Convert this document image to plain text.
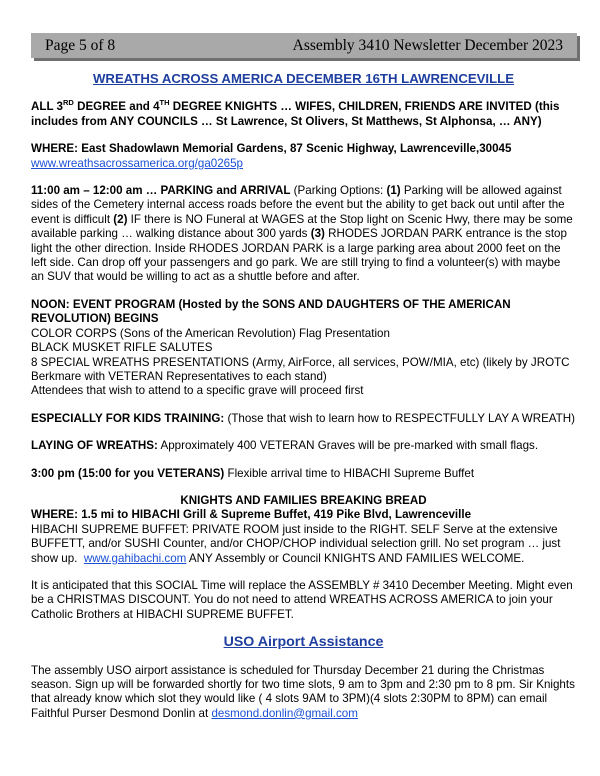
Page 5 of 8	Assembly 3410 Newsletter December 2023
WREATHS ACROSS AMERICA DECEMBER 16TH LAWRENCEVILLE

ALL 3RD DEGREE and 4TH DEGREE KNIGHTS … WIFES, CHILDREN, FRIENDS ARE INVITED (this includes from ANY COUNCILS … St Lawrence, St Olivers, St Matthews, St Alphonsa, … ANY)

WHERE: East Shadowlawn Memorial Gardens, 87 Scenic Highway, Lawrenceville,30045
www.wreathsacrossamerica.org/ga0265p

11:00 am – 12:00 am … PARKING and ARRIVAL (Parking Options: (1) Parking will be allowed against sides of the Cemetery internal access roads before the event but the ability to get back out until after the event is difficult (2) IF there is NO Funeral at WAGES at the Stop light on Scenic Hwy, there may be some available parking … walking distance about 300 yards (3) RHODES JORDAN PARK entrance is the stop light the other direction. Inside RHODES JORDAN PARK is a large parking area about 2000 feet on the left side. Can drop off your passengers and go park. We are still trying to find a volunteer(s) with maybe an SUV that would be willing to act as a shuttle before and after.

NOON: EVENT PROGRAM (Hosted by the SONS AND DAUGHTERS OF THE AMERICAN REVOLUTION) BEGINS
COLOR CORPS (Sons of the American Revolution) Flag Presentation
BLACK MUSKET RIFLE SALUTES
8 SPECIAL WREATHS PRESENTATIONS (Army, AirForce, all services, POW/MIA, etc) (likely by JROTC Berkmare with VETERAN Representatives to each stand)
Attendees that wish to attend to a specific grave will proceed first

ESPECIALLY FOR KIDS TRAINING: (Those that wish to learn how to RESPECTFULLY LAY A WREATH)

LAYING OF WREATHS: Approximately 400 VETERAN Graves will be pre-marked with small flags.

3:00 pm (15:00 for you VETERANS) Flexible arrival time to HIBACHI Supreme Buffet

KNIGHTS AND FAMILIES BREAKING BREAD
WHERE: 1.5 mi to HIBACHI Grill & Supreme Buffet, 419 Pike Blvd, Lawrenceville
HIBACHI SUPREME BUFFET: PRIVATE ROOM just inside to the RIGHT. SELF Serve at the extensive BUFFETT, and/or SUSHI Counter, and/or CHOP/CHOP individual selection grill. No set program … just show up. www.gahibachi.com ANY Assembly or Council KNIGHTS AND FAMILIES WELCOME.

It is anticipated that this SOCIAL Time will replace the ASSEMBLY # 3410 December Meeting. Might even be a CHRISTMAS DISCOUNT. You do not need to attend WREATHS ACROSS AMERICA to join your Catholic Brothers at HIBACHI SUPREME BUFFET.

USO Airport Assistance

The assembly USO airport assistance is scheduled for Thursday December 21 during the Christmas season. Sign up will be forwarded shortly for two time slots, 9 am to 3pm and 2:30 pm to 8 pm. Sir Knights that already know which slot they would like ( 4 slots 9AM to 3PM)(4 slots 2:30PM to 8PM) can email Faithful Purser Desmond Donlin at desmond.donlin@gmail.com
